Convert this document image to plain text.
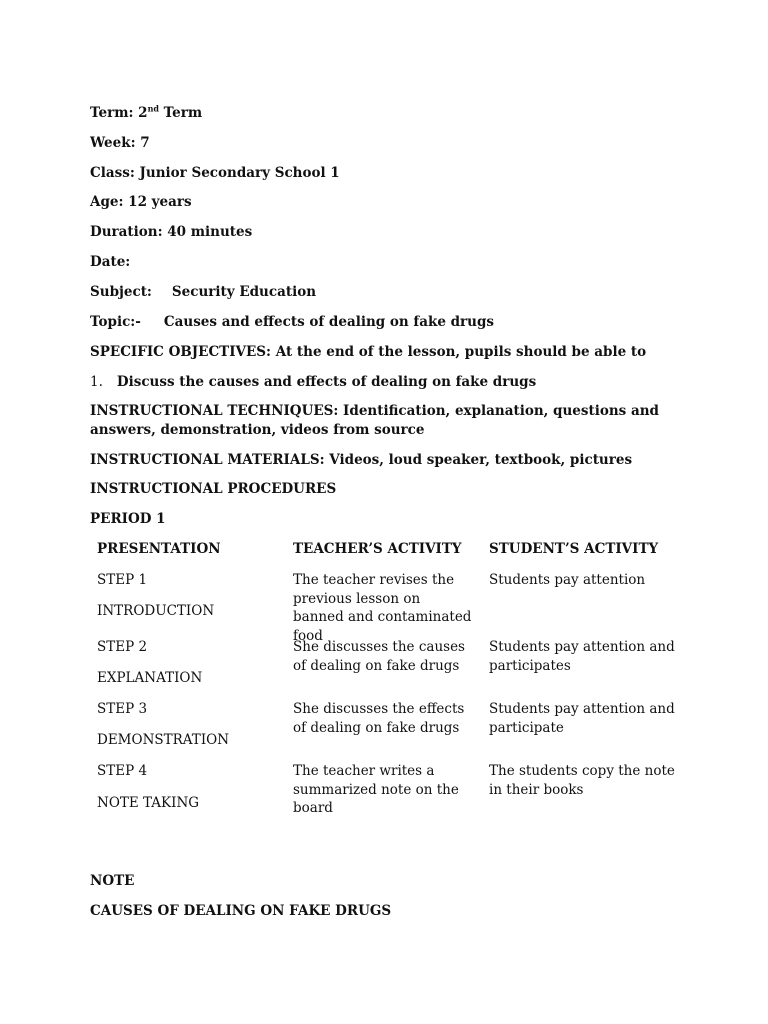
Term: 2nd Term
Week: 7
Class: Junior Secondary School 1
Age: 12 years
Duration: 40 minutes
Date:
Subject: Security Education
Topic:- Causes and effects of dealing on fake drugs
SPECIFIC OBJECTIVES: At the end of the lesson, pupils should be able to
1. Discuss the causes and effects of dealing on fake drugs
INSTRUCTIONAL TECHNIQUES: Identification, explanation, questions and answers, demonstration, videos from source
INSTRUCTIONAL MATERIALS: Videos, loud speaker, textbook, pictures
INSTRUCTIONAL PROCEDURES
PERIOD 1
PRESENTATION	TEACHER’S ACTIVITY	STUDENT’S ACTIVITY
STEP 1
INTRODUCTION
The teacher revises the previous lesson on banned and contaminated food
Students pay attention
STEP 2
EXPLANATION
She discusses the causes of dealing on fake drugs
Students pay attention and participates
STEP 3
DEMONSTRATION
She discusses the effects of dealing on fake drugs
Students pay attention and participate
STEP 4
NOTE TAKING
The teacher writes a summarized note on the board
The students copy the note in their books
NOTE
CAUSES OF DEALING ON FAKE DRUGS
